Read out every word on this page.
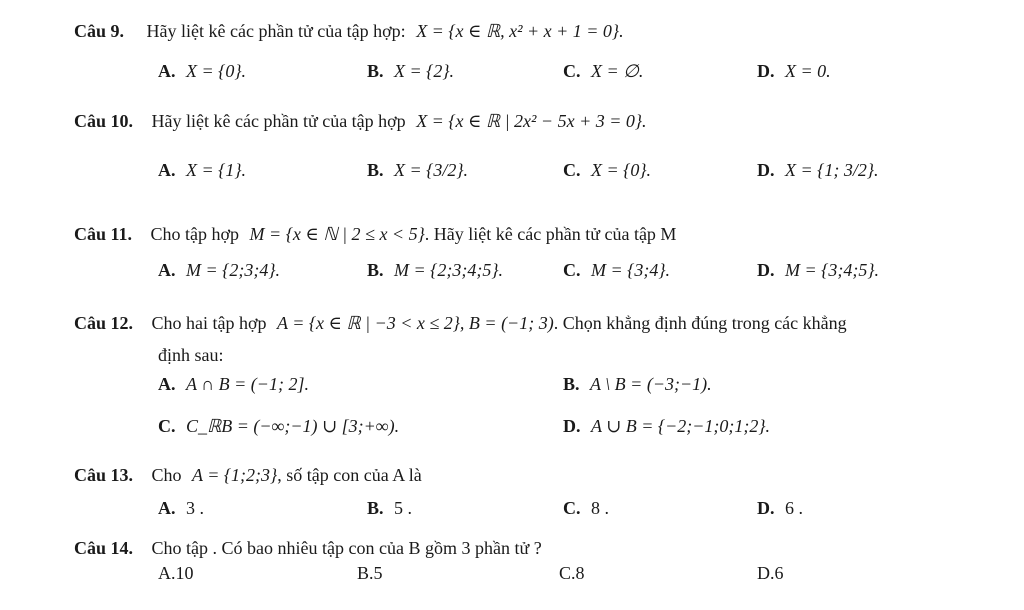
Câu 9. Hãy liệt kê các phần tử của tập hợp: X = {x ∈ ℝ, x² + x + 1 = 0}.
A. X = {0}.	B. X = {2}.	C. X = ∅.	D. X = 0.
Câu 10. Hãy liệt kê các phần tử của tập hợp X = {x ∈ ℝ | 2x² − 5x + 3 = 0}.
A. X = {1}.	B. X = {3/2}.	C. X = {0}.	D. X = {1; 3/2}.
Câu 11. Cho tập hợp M = {x ∈ ℕ | 2 ≤ x < 5}. Hãy liệt kê các phần tử của tập M
A. M = {2;3;4}.	B. M = {2;3;4;5}.	C. M = {3;4}.	D. M = {3;4;5}.
Câu 12. Cho hai tập hợp A = {x ∈ ℝ | −3 < x ≤ 2}, B = (−1; 3). Chọn khẳng định đúng trong các khẳng
định sau:
A. A ∩ B = (−1; 2].	B. A \ B = (−3;−1).
C. C_ℝB = (−∞;−1) ∪ [3;+∞).	D. A ∪ B = {−2;−1;0;1;2}.
Câu 13. Cho A = {1;2;3}, số tập con của A là
A. 3 .	B. 5 .	C. 8 .	D. 6 .
Câu 14. Cho tập . Có bao nhiêu tập con của B gồm 3 phần tử ?
A.10	B.5	C.8	D.6
